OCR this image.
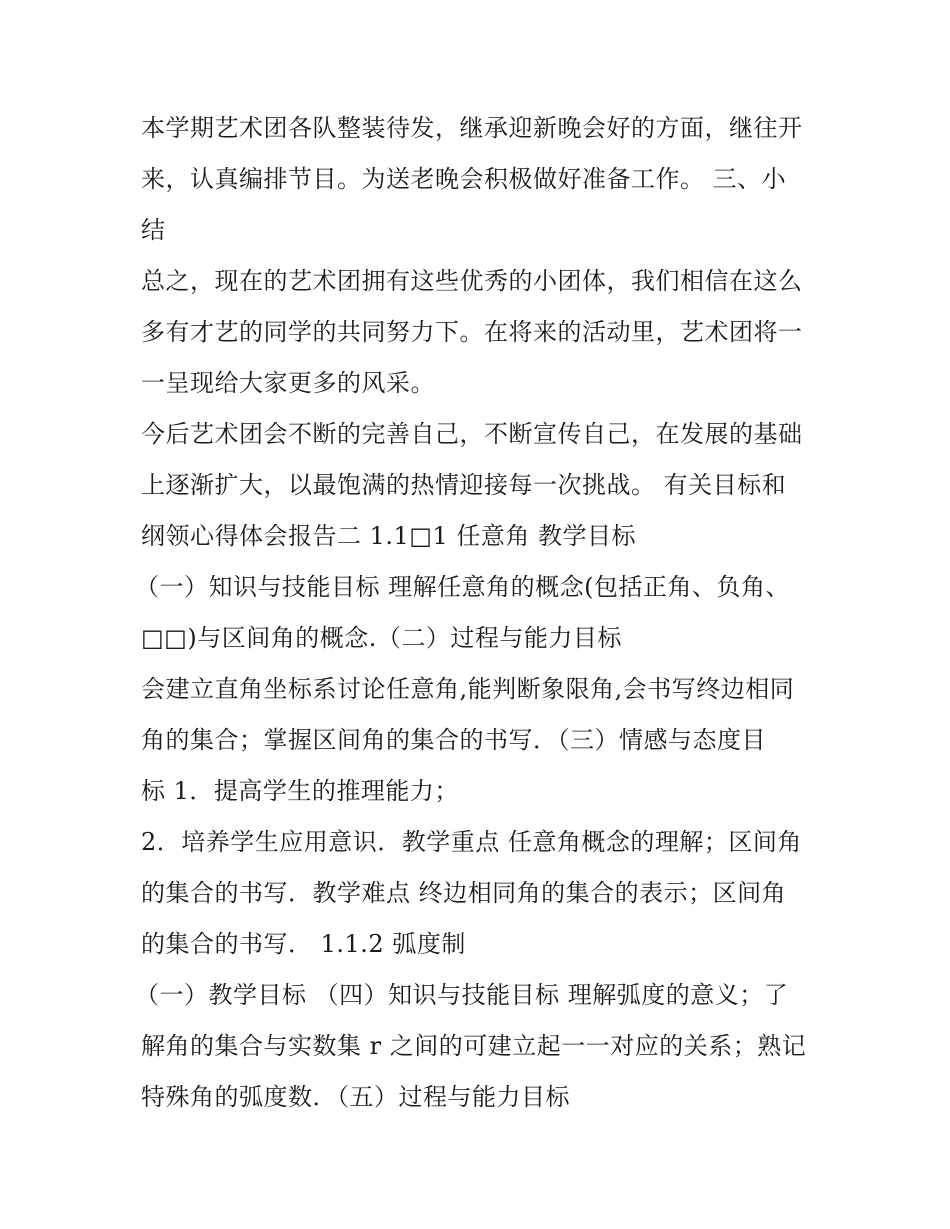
本学期艺术团各队整装待发，继承迎新晚会好的方面，继往开
来，认真编排节目。为送老晚会积极做好准备工作。 三、小
结
总之，现在的艺术团拥有这些优秀的小团体，我们相信在这么
多有才艺的同学的共同努力下。在将来的活动里，艺术团将一
一呈现给大家更多的风采。
今后艺术团会不断的完善自己，不断宣传自己，在发展的基础
上逐渐扩大，以最饱满的热情迎接每一次挑战。 有关目标和
纲领心得体会报告二 1.1□1 任意角 教学目标
（一）知识与技能目标 理解任意角的概念(包括正角、负角、
□□)与区间角的概念.（二）过程与能力目标
会建立直角坐标系讨论任意角,能判断象限角,会书写终边相同
角的集合；掌握区间角的集合的书写．（三）情感与态度目
标 1．提高学生的推理能力；
2．培养学生应用意识．教学重点 任意角概念的理解；区间角
的集合的书写．教学难点 终边相同角的集合的表示；区间角
的集合的书写． 1.1.2 弧度制
（一）教学目标 （四）知识与技能目标 理解弧度的意义；了
解角的集合与实数集 r 之间的可建立起一一对应的关系；熟记
特殊角的弧度数．（五）过程与能力目标
